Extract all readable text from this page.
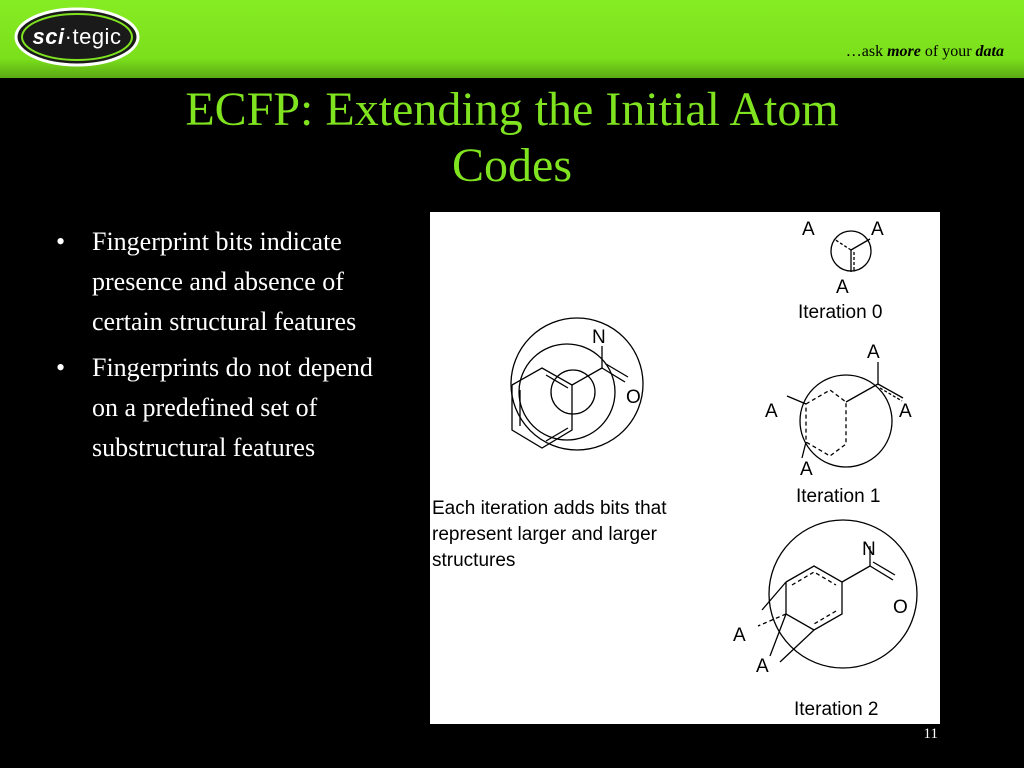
sci · tegic
…ask more of your data
ECFP: Extending the Initial Atom
Codes
• Fingerprint bits indicate presence and absence of certain structural features
• Fingerprints do not depend on a predefined set of substructural features
N
O
A	A
A
Iteration 0
A
A	A
A
Iteration 1
N
O
A
A
Iteration 2
Each iteration adds bits that represent larger and larger structures
11
